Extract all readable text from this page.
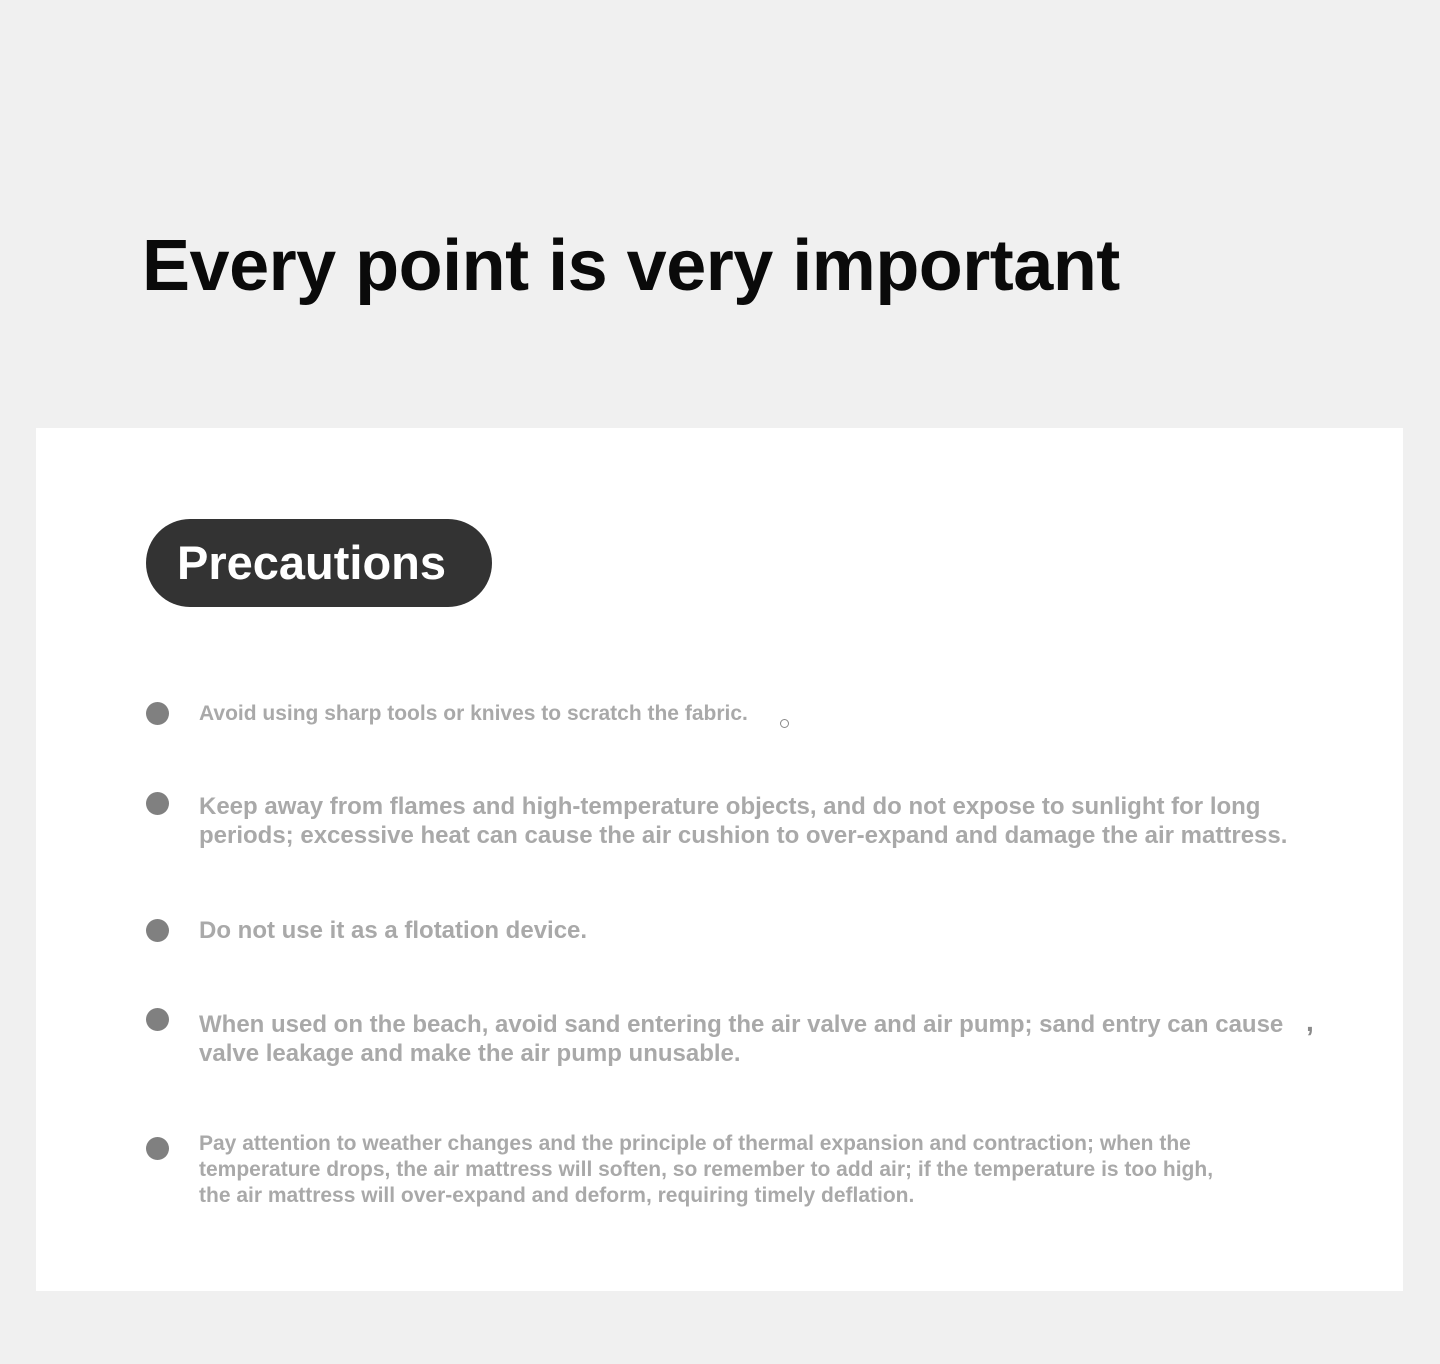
Every point is very important
Precautions
Avoid using sharp tools or knives to scratch the fabric.
Keep away from flames and high-temperature objects, and do not expose to sunlight for long
periods; excessive heat can cause the air cushion to over-expand and damage the air mattress.
Do not use it as a flotation device.
When used on the beach, avoid sand entering the air valve and air pump; sand entry can cause
valve leakage and make the air pump unusable.
,
Pay attention to weather changes and the principle of thermal expansion and contraction; when the
temperature drops, the air mattress will soften, so remember to add air; if the temperature is too high,
the air mattress will over-expand and deform, requiring timely deflation.
